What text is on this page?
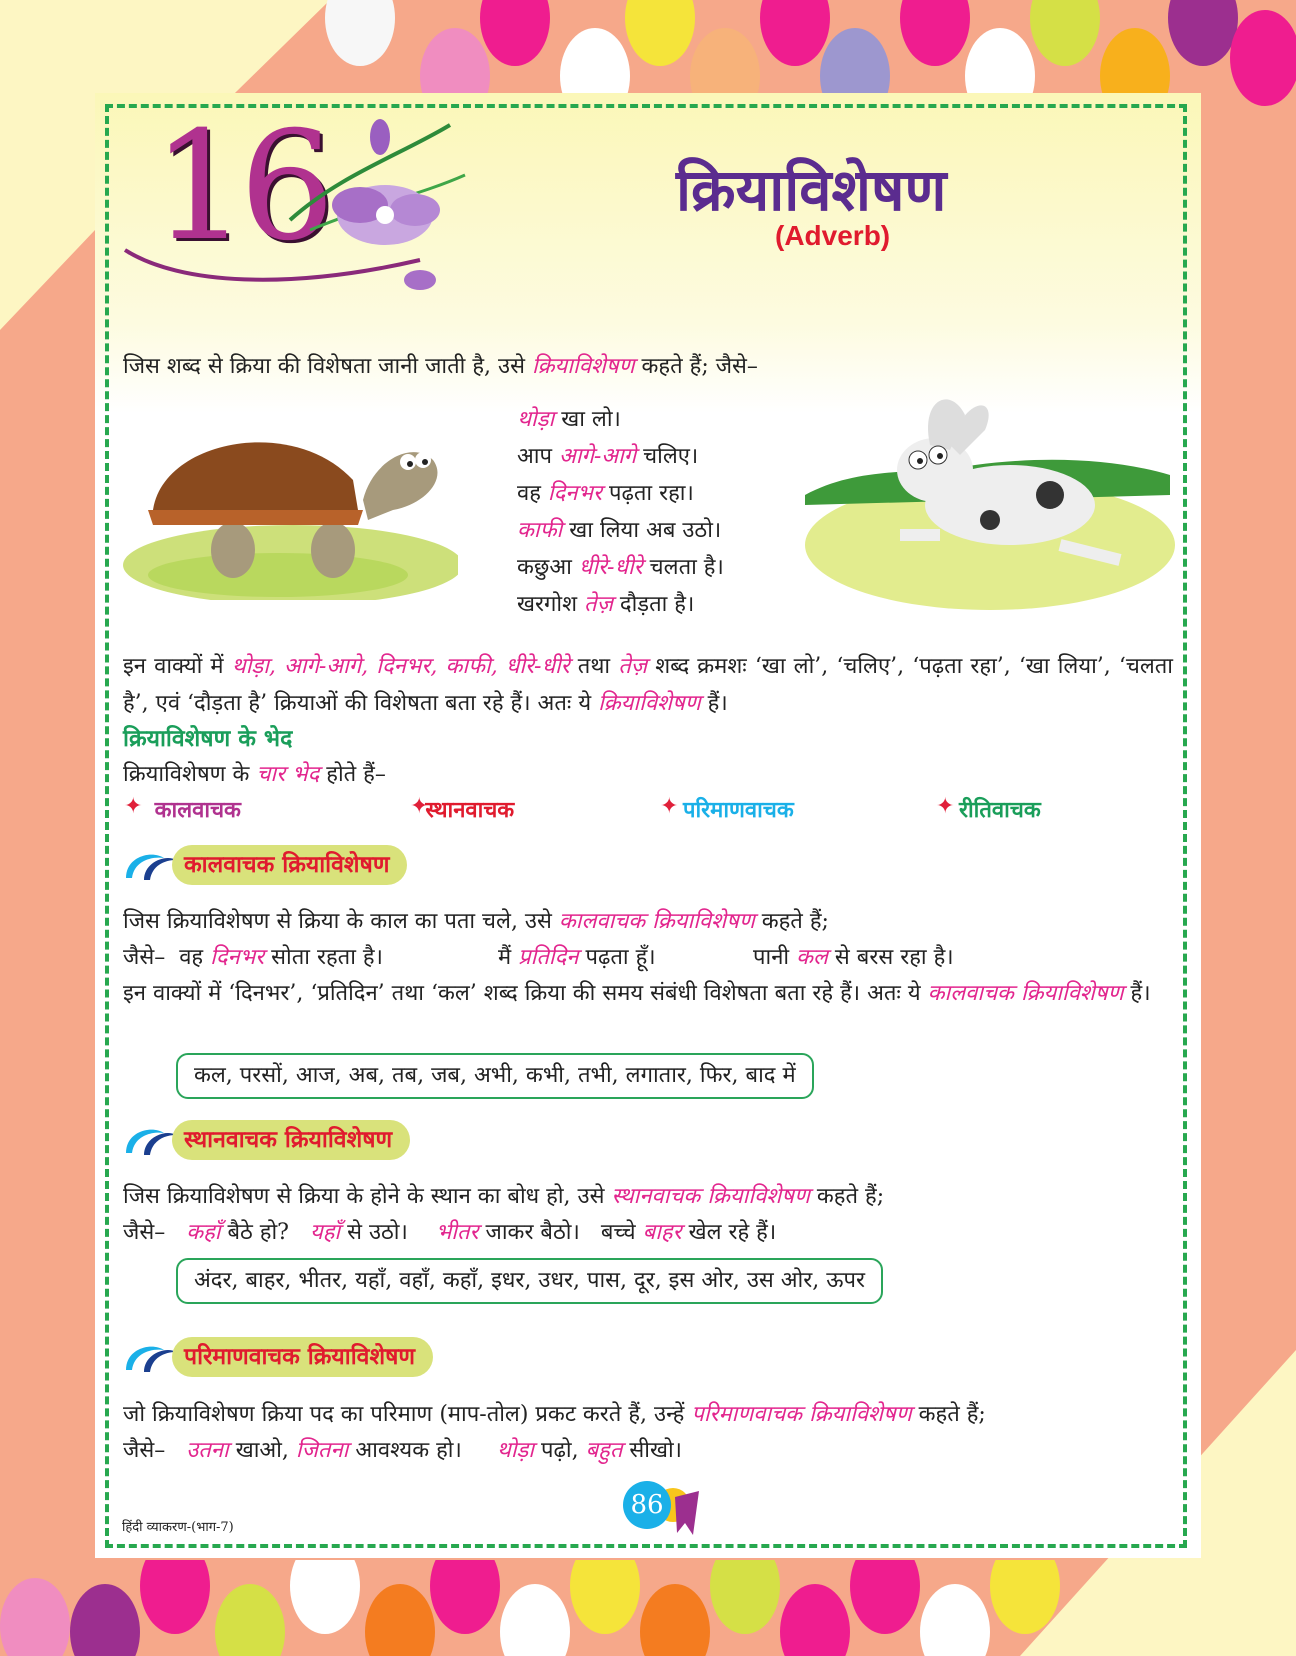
16	क्रियाविशेषण
(Adverb)
जिस शब्द से क्रिया की विशेषता जानी जाती है, उसे क्रियाविशेषण कहते हैं; जैसे–
थोड़ा खा लो।
आप आगे-आगे चलिए।
वह दिनभर पढ़ता रहा।
काफी खा लिया अब उठो।
कछुआ धीरे-धीरे चलता है।
खरगोश तेज़ दौड़ता है।
इन वाक्यों में थोड़ा, आगे-आगे, दिनभर, काफी, धीरे-धीरे तथा तेज़ शब्द क्रमशः ‘खा लो’, ‘चलिए’, ‘पढ़ता रहा’, ‘खा लिया’, ‘चलता है’, एवं ‘दौड़ता है’ क्रियाओं की विशेषता बता रहे हैं। अतः ये क्रियाविशेषण हैं।
क्रियाविशेषण के भेद
क्रियाविशेषण के चार भेद होते हैं–
✦
कालवाचक	✦

स्थानवाचक	✦
परिमाणवाचक	✦
रीतिवाचक
कालवाचक क्रियाविशेषण
जिस क्रियाविशेषण से क्रिया के काल का पता चले, उसे कालवाचक क्रियाविशेषण कहते हैं;
जैसे– वह दिनभर सोता रहता है।	मैं प्रतिदिन पढ़ता हूँ।	पानी कल से बरस रहा है।
इन वाक्यों में ‘दिनभर’, ‘प्रतिदिन’ तथा ‘कल’ शब्द क्रिया की समय संबंधी विशेषता बता रहे हैं। अतः ये कालवाचक क्रियाविशेषण हैं।
कल, परसों, आज, अब, तब, जब, अभी, कभी, तभी, लगातार, फिर, बाद में
स्थानवाचक क्रियाविशेषण
जिस क्रियाविशेषण से क्रिया के होने के स्थान का बोध हो, उसे स्थानवाचक क्रियाविशेषण कहते हैं;
जैसे– कहाँ बैठे हो? यहाँ से उठो। भीतर जाकर बैठो। बच्चे बाहर खेल रहे हैं।
अंदर, बाहर, भीतर, यहाँ, वहाँ, कहाँ, इधर, उधर, पास, दूर, इस ओर, उस ओर, ऊपर
परिमाणवाचक क्रियाविशेषण
जो क्रियाविशेषण क्रिया पद का परिमाण (माप-तोल) प्रकट करते हैं, उन्हें परिमाणवाचक क्रियाविशेषण कहते हैं;
जैसे– उतना खाओ, जितना आवश्यक हो। थोड़ा पढ़ो, बहुत सीखो।
86
हिंदी व्याकरण-(भाग-7)
